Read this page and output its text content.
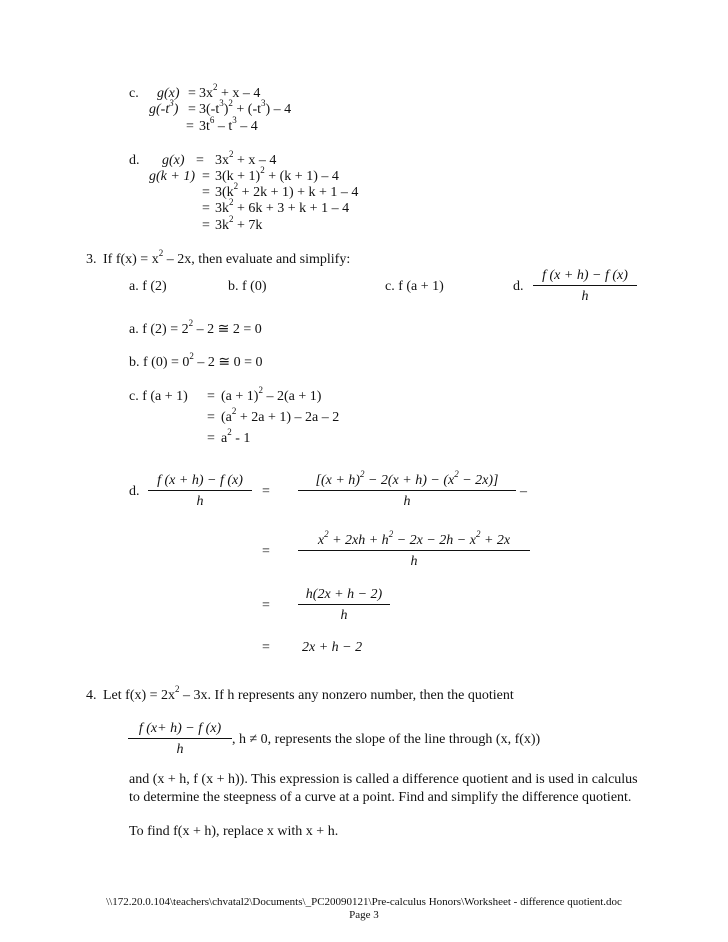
c. $g(x) = 3x^2 + x - 4$
$g(-t^3) = 3(-t^3)^2 + (-t^3) - 4$
= $3t^6 - t^3 - 4$
d. $g(x) = 3x^2 + x - 4$
$g(k + 1) = 3(k + 1)^2 + (k + 1) - 4$
= $3(k^2 + 2k + 1) + k + 1 - 4$
= $3k^2 + 6k + 3 + k + 1 - 4$
= $3k^2 + 7k$
3. If $f(x) = x^2 - 2x$, then evaluate and simplify:
a. f (2)	b. f (0)	c. f (a + 1)	d.
f (x + h) − f (x)
h
a. f $(2) = 2^2 - 2$ ≅ 2 = 0
b. f $(0) = 0^2 - 2$ ≅ 0 = 0
c. f $(a + 1) = (a + 1)^2 - 2(a + 1)$
= $(a^2 + 2a + 1) - 2a - 2$
= $a^2 - 1$
d.
f (x + h) − f (x)
h
=
$[(x + h)^2 - 2(x + h) - (x^2 - 2x)]$
h
–
=
$x^2 + 2xh + h^2 - 2x - 2h - x^2 + 2x$
h
=
h(2x + h − 2)
h
= 2x + h − 2
4. Let $f(x) = 2x^2 - 3x$. If h represents any nonzero number, then the quotient
f (x+ h) − f (x)
h
, h ≠ 0, represents the slope of the line through (x, f(x))
and (x + h, f (x + h)). This expression is called a difference quotient and is used in calculus
to determine the steepness of a curve at a point. Find and simplify the difference quotient.
To find f(x + h), replace x with x + h.
\\172.20.0.104\teachers\chvatal2\Documents\_PC20090121\Pre-calculus Honors\Worksheet - difference quotient.doc
Page 3
